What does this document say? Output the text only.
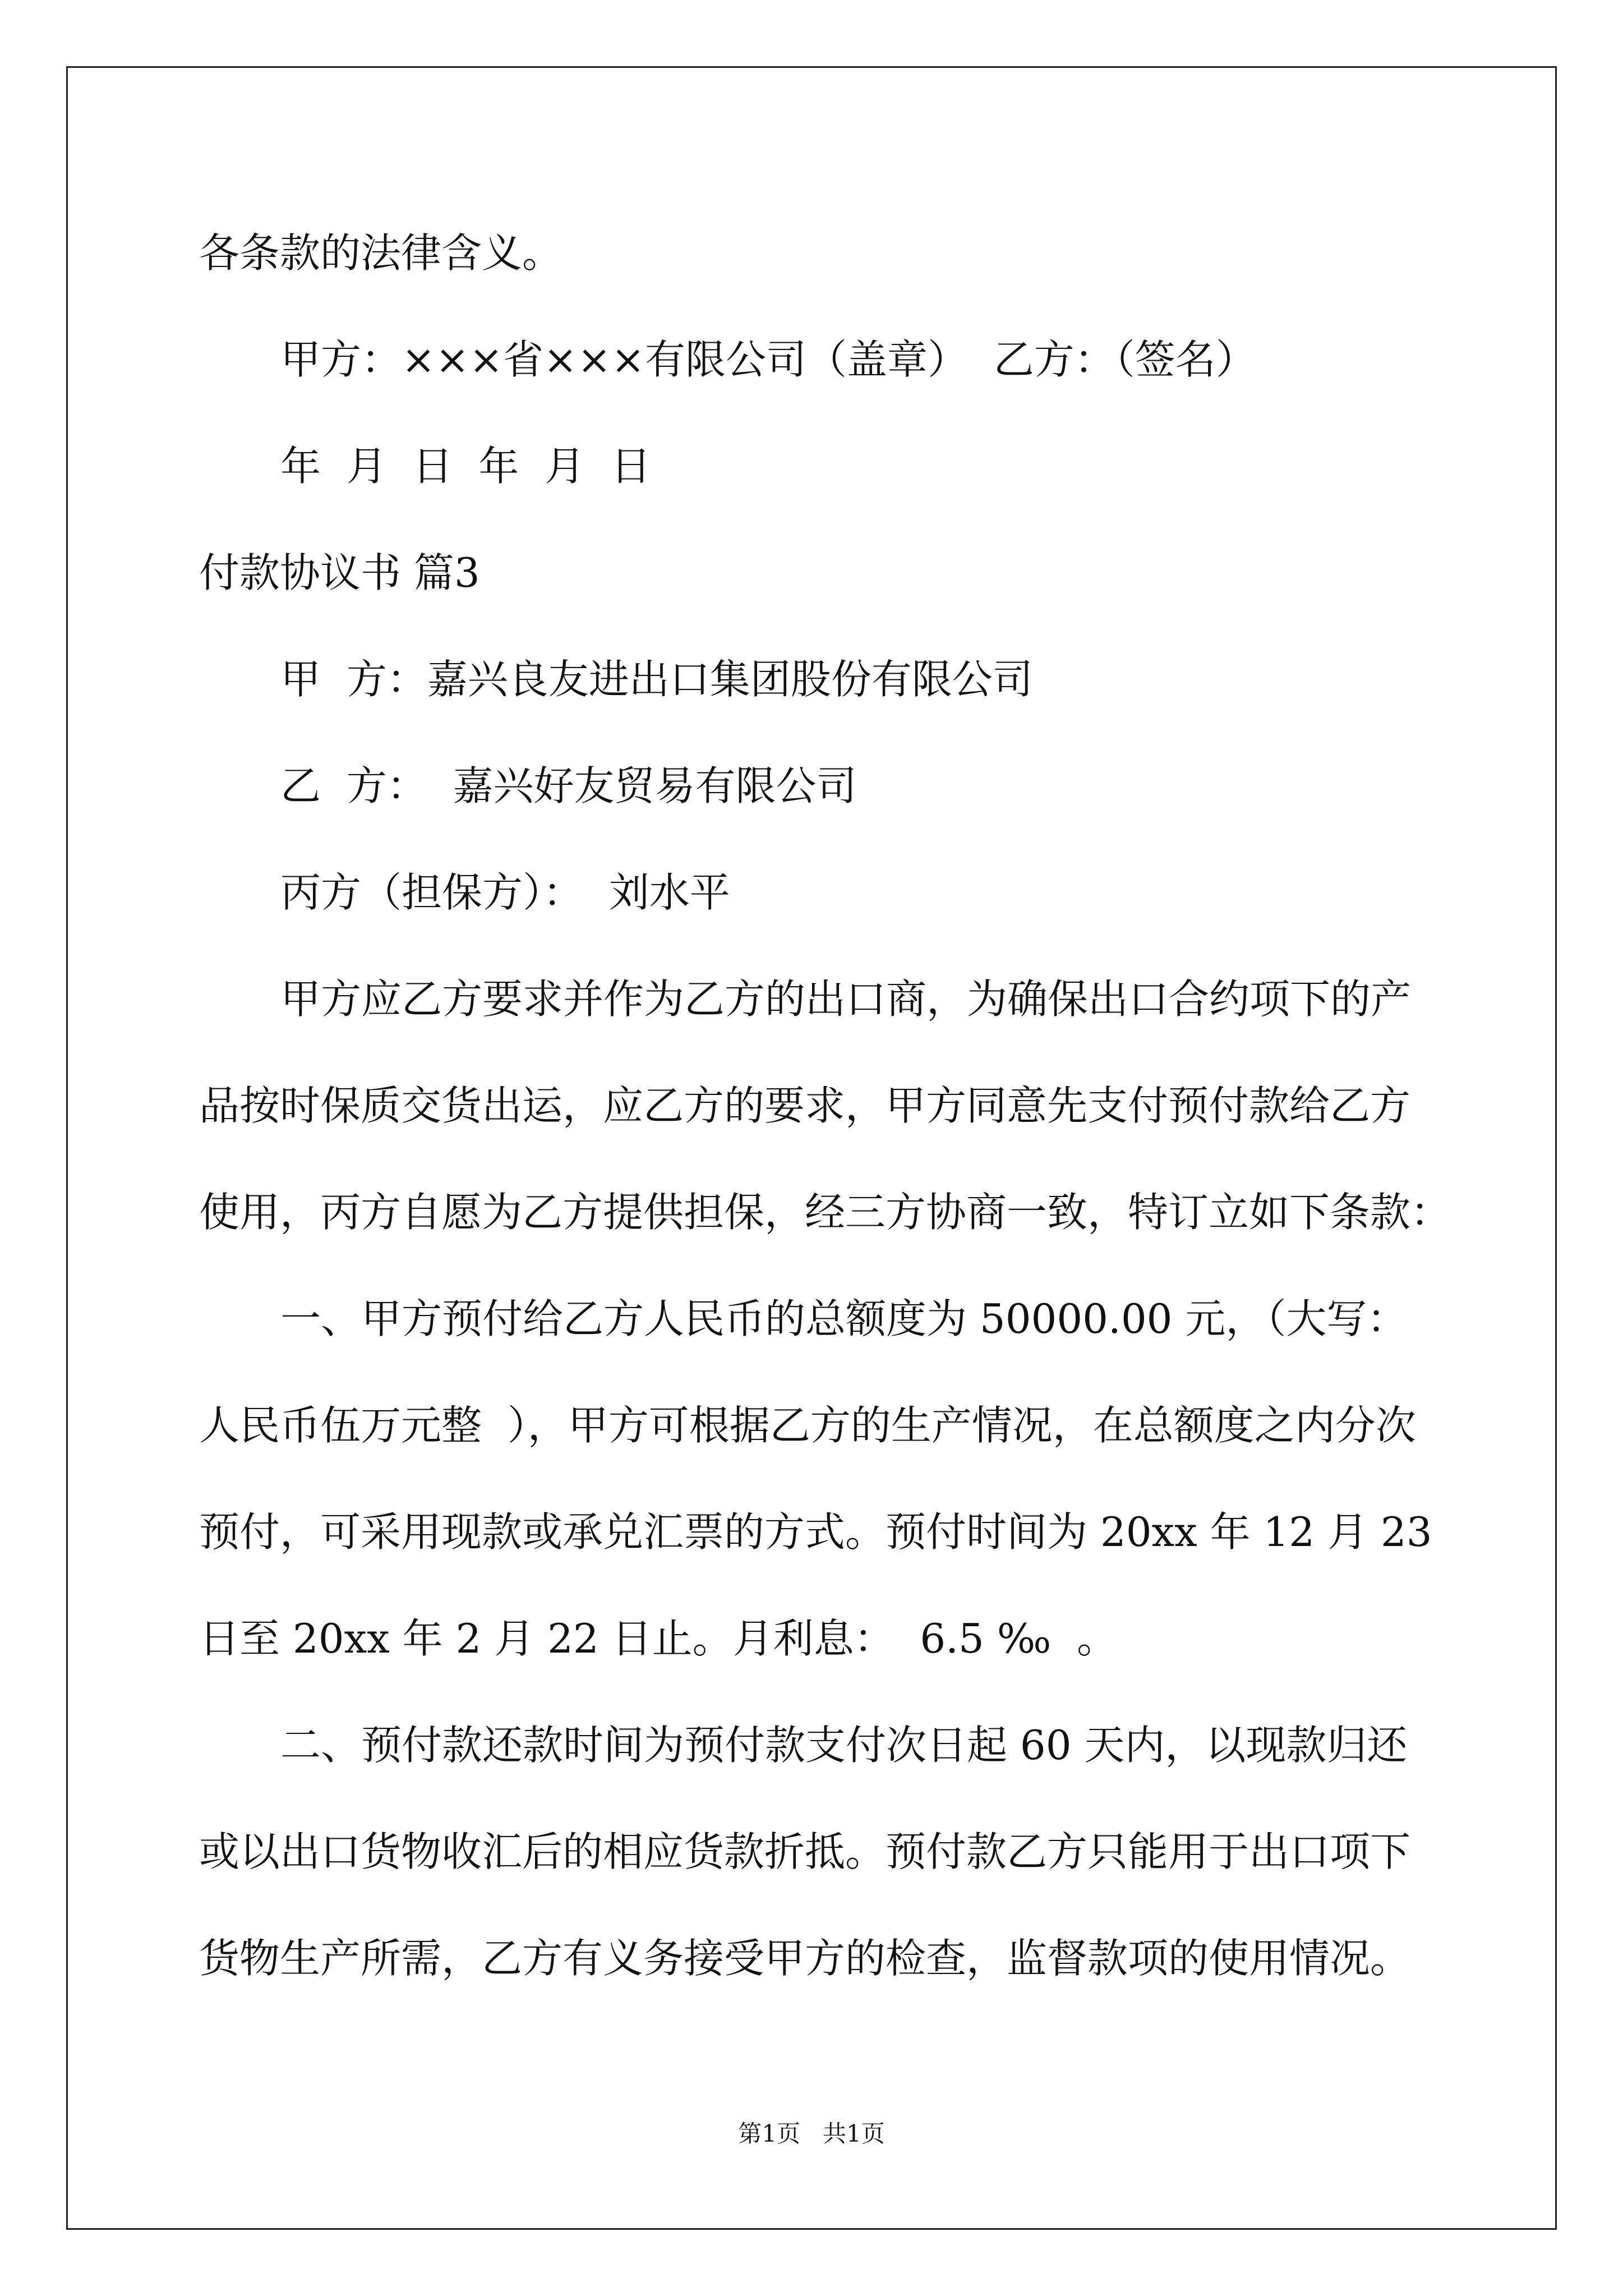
各条款的法律含义。

甲方：×××省×××有限公司（盖章）  乙方：（签名）

年  月  日  年  月  日

付款协议书 篇3

甲  方：嘉兴良友进出口集团股份有限公司

乙  方：  嘉兴好友贸易有限公司

丙方（担保方）：  刘水平

甲方应乙方要求并作为乙方的出口商，为确保出口合约项下的产

品按时保质交货出运，应乙方的要求，甲方同意先支付预付款给乙方

使用，丙方自愿为乙方提供担保，经三方协商一致，特订立如下条款：

一、甲方预付给乙方人民币的总额度为 50000.00 元，（大写：

人民币伍万元整  ），甲方可根据乙方的生产情况，在总额度之内分次

预付，可采用现款或承兑汇票的方式。预付时间为 20xx 年 12 月 23

日至 20xx 年 2 月 22 日止。月利息：  6.5 ‰  。

二、预付款还款时间为预付款支付次日起 60 天内，以现款归还

或以出口货物收汇后的相应货款折抵。预付款乙方只能用于出口项下

货物生产所需，乙方有义务接受甲方的检查，监督款项的使用情况。

第1页   共1页
